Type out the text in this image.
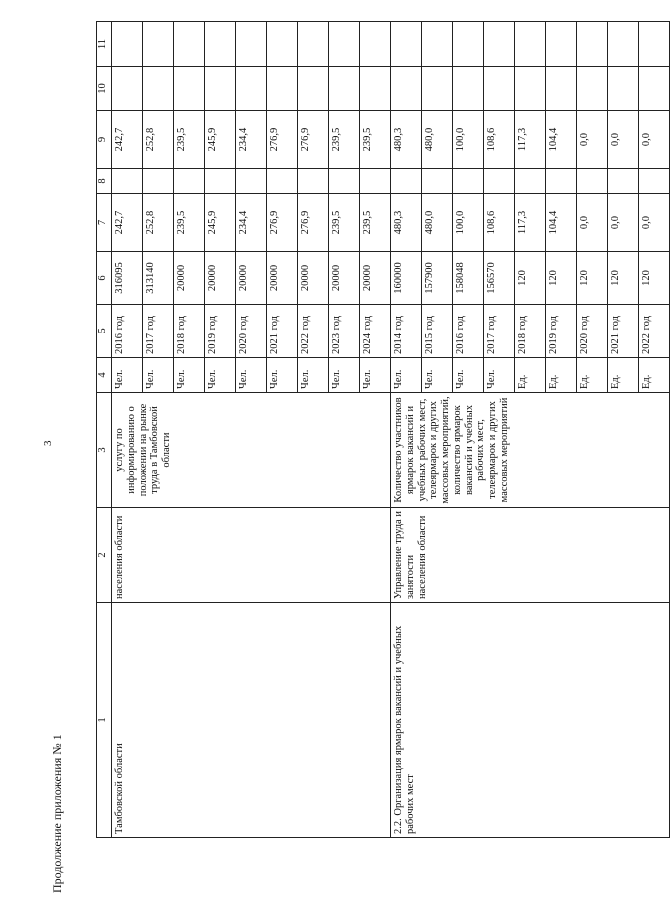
3
Продолжение приложения № 1
1	2	3	4	5	6	7	8	9	10	11
Тамбовской области	населения области	услугу по информированию о положении на рынке труда в Тамбовской области	Чел.	2016 год	316095	242,7		242,7		
			Чел.	2017 год	313140	252,8		252,8		
			Чел.	2018 год	20000	239,5		239,5		
			Чел.	2019 год	20000	245,9		245,9		
			Чел.	2020 год	20000	234,4		234,4		
			Чел.	2021 год	20000	276,9		276,9		
			Чел.	2022 год	20000	276,9		276,9		
			Чел.	2023 год	20000	239,5		239,5		
			Чел.	2024 год	20000	239,5		239,5		
2.2. Организация ярмарок вакансий и учебных рабочих мест	Управление труда и занятости населения области	Количество участников ярмарок вакансий и учебных рабочих мест, телеярмарок и других массовых мероприятий, количество ярмарок вакансий и учебных рабочих мест, телеярмарок и других массовых мероприятий	Чел.	2014 год	160000	480,3		480,3		
			Чел.	2015 год	157900	480,0		480,0		
			Чел.	2016 год	158048	100,0		100,0		
			Чел.	2017 год	156570	108,6		108,6		
			Ед.	2018 год	120	117,3		117,3		
			Ед.	2019 год	120	104,4		104,4		
			Ед.	2020 год	120	0,0		0,0		
			Ед.	2021 год	120	0,0		0,0		
			Ед.	2022 год	120	0,0		0,0		
